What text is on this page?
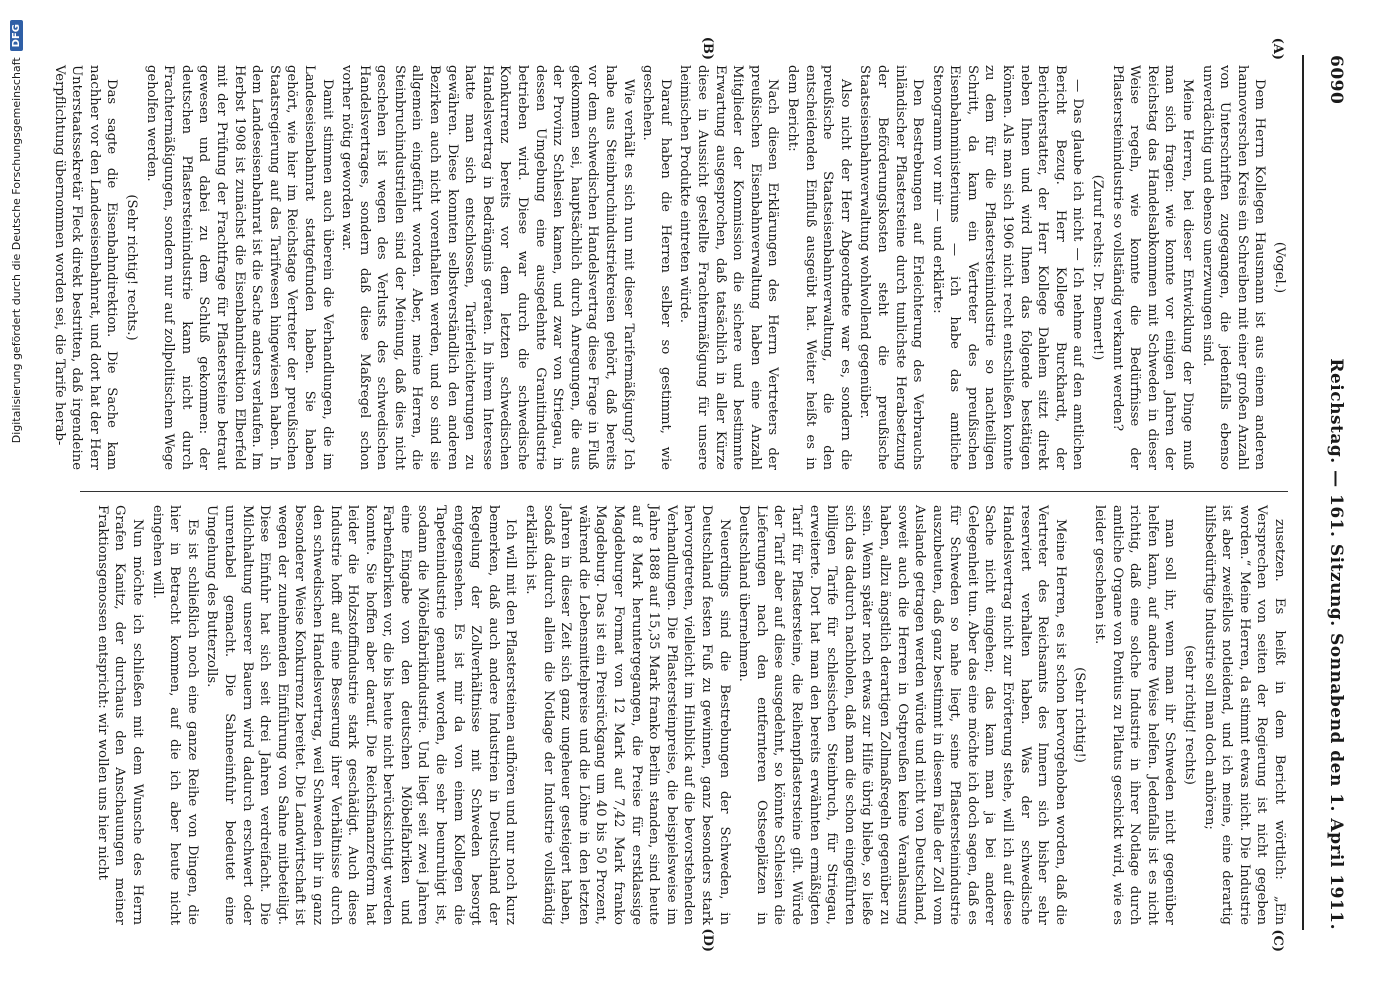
6090
Reichstag. — 161. Sitzung. Sonnabend den 1. April 1911.
(A)
(B)
(C)
(D)

(Vogel.)

Dem Herrn Kollegen Hausmann ist aus einem anderen hannoverschen Kreis ein Schreiben mit einer großen Anzahl von Unterschriften zugegangen, die jedenfalls ebenso unverdächtig und ebenso unerzwungen sind.

Meine Herren, bei dieser Entwicklung der Dinge muß man sich fragen: wie konnte vor einigen Jahren der Reichstag das Handelsabkommen mit Schweden in dieser Weise regeln, wie konnte die Bedürfnisse der Pflastersteinindustrie so vollständig verkannt werden?

(Zuruf rechts: Dr. Bennert!)

— Das glaube ich nicht — Ich nehme auf den amtlichen Bericht Bezug. Herr Kollege Burckhardt, der Berichterstatter, der Herr Kollege Dahlem sitzt direkt neben Ihnen und wird Ihnen das folgende bestätigen können. Als man sich 1906 nicht recht entschließen konnte zu dem für die Pflastersteinindustrie so nachteiligen Schritt, da kam ein Vertreter des preußischen Eisenbahnministeriums — ich habe das amtliche Stenogramm vor mir — und erklärte:

Den Bestrebungen auf Erleichterung des Verbrauchs inländischer Pflastersteine durch tunlichste Herabsetzung der Beförderungskosten steht die preußische Staatseisenbahnverwaltung wohlwollend gegenüber.

Also nicht der Herr Abgeordnete war es, sondern die preußische Staatseisenbahnverwaltung, die den entscheidenden Einfluß ausgeübt hat. Weiter heißt es in dem Bericht:

Nach diesen Erklärungen des Herrn Vertreters der preußischen Eisenbahnverwaltung haben eine Anzahl Mitglieder der Kommission die sichere und bestimmte Erwartung ausgesprochen, daß tatsächlich in aller Kürze diese in Aussicht gestellte Frachtermäßigung für unsere heimischen Produkte eintreten würde.

Darauf haben die Herren selber so gestimmt, wie geschehen.

Wie verhält es sich nun mit dieser Tarifermäßigung? Ich habe aus Steinbruchindustriekreisen gehört, daß bereits vor dem schwedischen Handelsvertrag diese Frage in Fluß gekommen sei, hauptsächlich durch Anregungen, die aus der Provinz Schlesien kamen, und zwar von Striegau, in dessen Umgebung eine ausgedehnte Granitindustrie betrieben wird. Diese war durch die schwedische Konkurrenz bereits vor dem letzten schwedischen Handelsvertrag in Bedrängnis geraten. In ihrem Interesse hatte man sich entschlossen, Tariferleichterungen zu gewähren. Diese konnten selbstverständlich den anderen Bezirken auch nicht vorenthalten werden, und so sind sie allgemein eingeführt worden. Aber, meine Herren, die Steinbruchindustriellen sind der Meinung, daß dies nicht geschehen ist wegen des Verlusts des schwedischen Handelsvertrages, sondern daß diese Maßregel schon vorher nötig geworden war.

Damit stimmen auch überein die Verhandlungen, die im Landeseisenbahnrat stattgefunden haben. Sie haben gehört, wie hier im Reichstage Vertreter der preußischen Staatsregierung auf das Tarifwesen hingewiesen haben. In dem Landeseisenbahnrat ist die Sache anders verlaufen. Im Herbst 1908 ist zunächst die Eisenbahndirektion Elberfeld mit der Prüfung der Frachtfrage für Pflastersteine betraut gewesen und dabei zu dem Schluß gekommen: der deutschen Pflastersteinindustrie kann nicht durch Frachtermäßigungen, sondern nur auf zollpolitischem Wege geholfen werden.

(Sehr richtig! rechts.)

Das sagte die Eisenbahndirektion. Die Sache kam nachher vor den Landeseisenbahnrat, und dort hat der Herr Unterstaatssekretär Fleck direkt bestritten, daß irgendeine Verpflichtung übernommen worden sei, die Tarife herab-

zusetzen. Es heißt in dem Bericht wörtlich: „Ein Versprechen von seiten der Regierung ist nicht gegeben worden.“ Meine Herren, da stimmt etwas nicht. Die Industrie ist aber zweifellos notleidend, und ich meine, eine derartig hilfsbedürftige Industrie soll man doch anhören;

(sehr richtig! rechts)

man soll ihr, wenn man ihr Schweden nicht gegenüber helfen kann, auf andere Weise helfen. Jedenfalls ist es nicht richtig, daß eine solche Industrie in ihrer Notlage durch amtliche Organe von Pontius zu Pilatus geschickt wird, wie es leider geschehen ist.

(Sehr richtig!)

Meine Herren, es ist schon hervorgehoben worden, daß die Vertreter des Reichsamts des Innern sich bisher sehr reserviert verhalten haben. Was der schwedische Handelsvertrag nicht zur Erörterung stehe, will ich auf diese Sache nicht eingehen; das kann man ja bei anderer Gelegenheit tun. Aber das eine möchte ich doch sagen, daß es für Schweden so nahe liegt, seine Pflastersteinindustrie auszubeuten, daß ganz bestimmt in diesem Falle der Zoll vom Auslande getragen werden würde und nicht von Deutschland, soweit auch die Herren in Ostpreußen keine Veranlassung haben, allzu ängstlich derartigen Zollmaßregeln gegenüber zu sein. Wenn später noch etwas zur Hilfe übrig bliebe, so ließe sich das dadurch nachholen, daß man die schon eingeführten billigen Tarife für schlesischen Steinbruch, für Striegau, erweiterte. Dort hat man den bereits erwähnten ermäßigten Tarif für Pflastersteine, die Reihenpflastersteine gilt. Würde der Tarif aber auf diese ausgedehnt, so könnte Schlesien die Lieferungen nach den entfernteren Ostseeplätzen in Deutschland übernehmen.

Neuerdings sind die Bestrebungen der Schweden, in Deutschland festen Fuß zu gewinnen, ganz besonders stark hervorgetreten, vielleicht im Hinblick auf die bevorstehenden Verhandlungen. Die Pflastersteinpreise, die beispielsweise im Jahre 1888 auf 15,35 Mark franko Berlin standen, sind heute auf 8 Mark heruntergegangen, die Preise für erstklassige Magdeburger Format von 12 Mark auf 7,42 Mark franko Magdeburg. Das ist ein Preisrückgang um 40 bis 50 Prozent, während die Lebensmittelpreise und die Löhne in den letzten Jahren in dieser Zeit sich ganz ungeheuer gesteigert haben, sodaß dadurch allein die Notlage der Industrie vollständig erklärlich ist.

Ich will mit den Pflastersteinen aufhören und nur noch kurz bemerken, daß auch andere Industrien in Deutschland der Regelung der Zollverhältnisse mit Schweden besorgt entgegensehen. Es ist mir da von einem Kollegen die Tapetenindustrie genannt worden, die sehr beunruhigt ist, sodann die Möbelfabrikindustrie. Und liegt seit zwei Jahren eine Eingabe von den deutschen Möbelfabriken und Farbenfabriken vor, die bis heute nicht berücksichtigt werden konnte. Sie hoffen aber darauf. Die Reichsfinanzreform hat leider die Holzstoffindustrie stark geschädigt. Auch diese Industrie hofft auf eine Besserung ihrer Verhältnisse durch den schwedischen Handelsvertrag, weil Schweden ihr in ganz besonderer Weise Konkurrenz bereitet. Die Landwirtschaft ist wegen der zunehmenden Einführung von Sahne mitbeteiligt. Diese Einfuhr hat sich seit drei Jahren verdreifacht. Die Milchhaltung unserer Bauern wird dadurch erschwert oder unrentabel gemacht. Die Sahneeinfuhr bedeutet eine Umgehung des Butterzolls.

Es ist schließlich noch eine ganze Reihe von Dingen, die hier in Betracht kommen, auf die ich aber heute nicht eingehen will.

Nun möchte ich schließen mit dem Wunsche des Herrn Grafen Kanitz, der durchaus den Anschauungen meiner Fraktionsgenossen entspricht: wir wollen uns hier nicht

Digitalisierung gefördert durch die Deutsche Forschungsgemeinschaft
DFG
